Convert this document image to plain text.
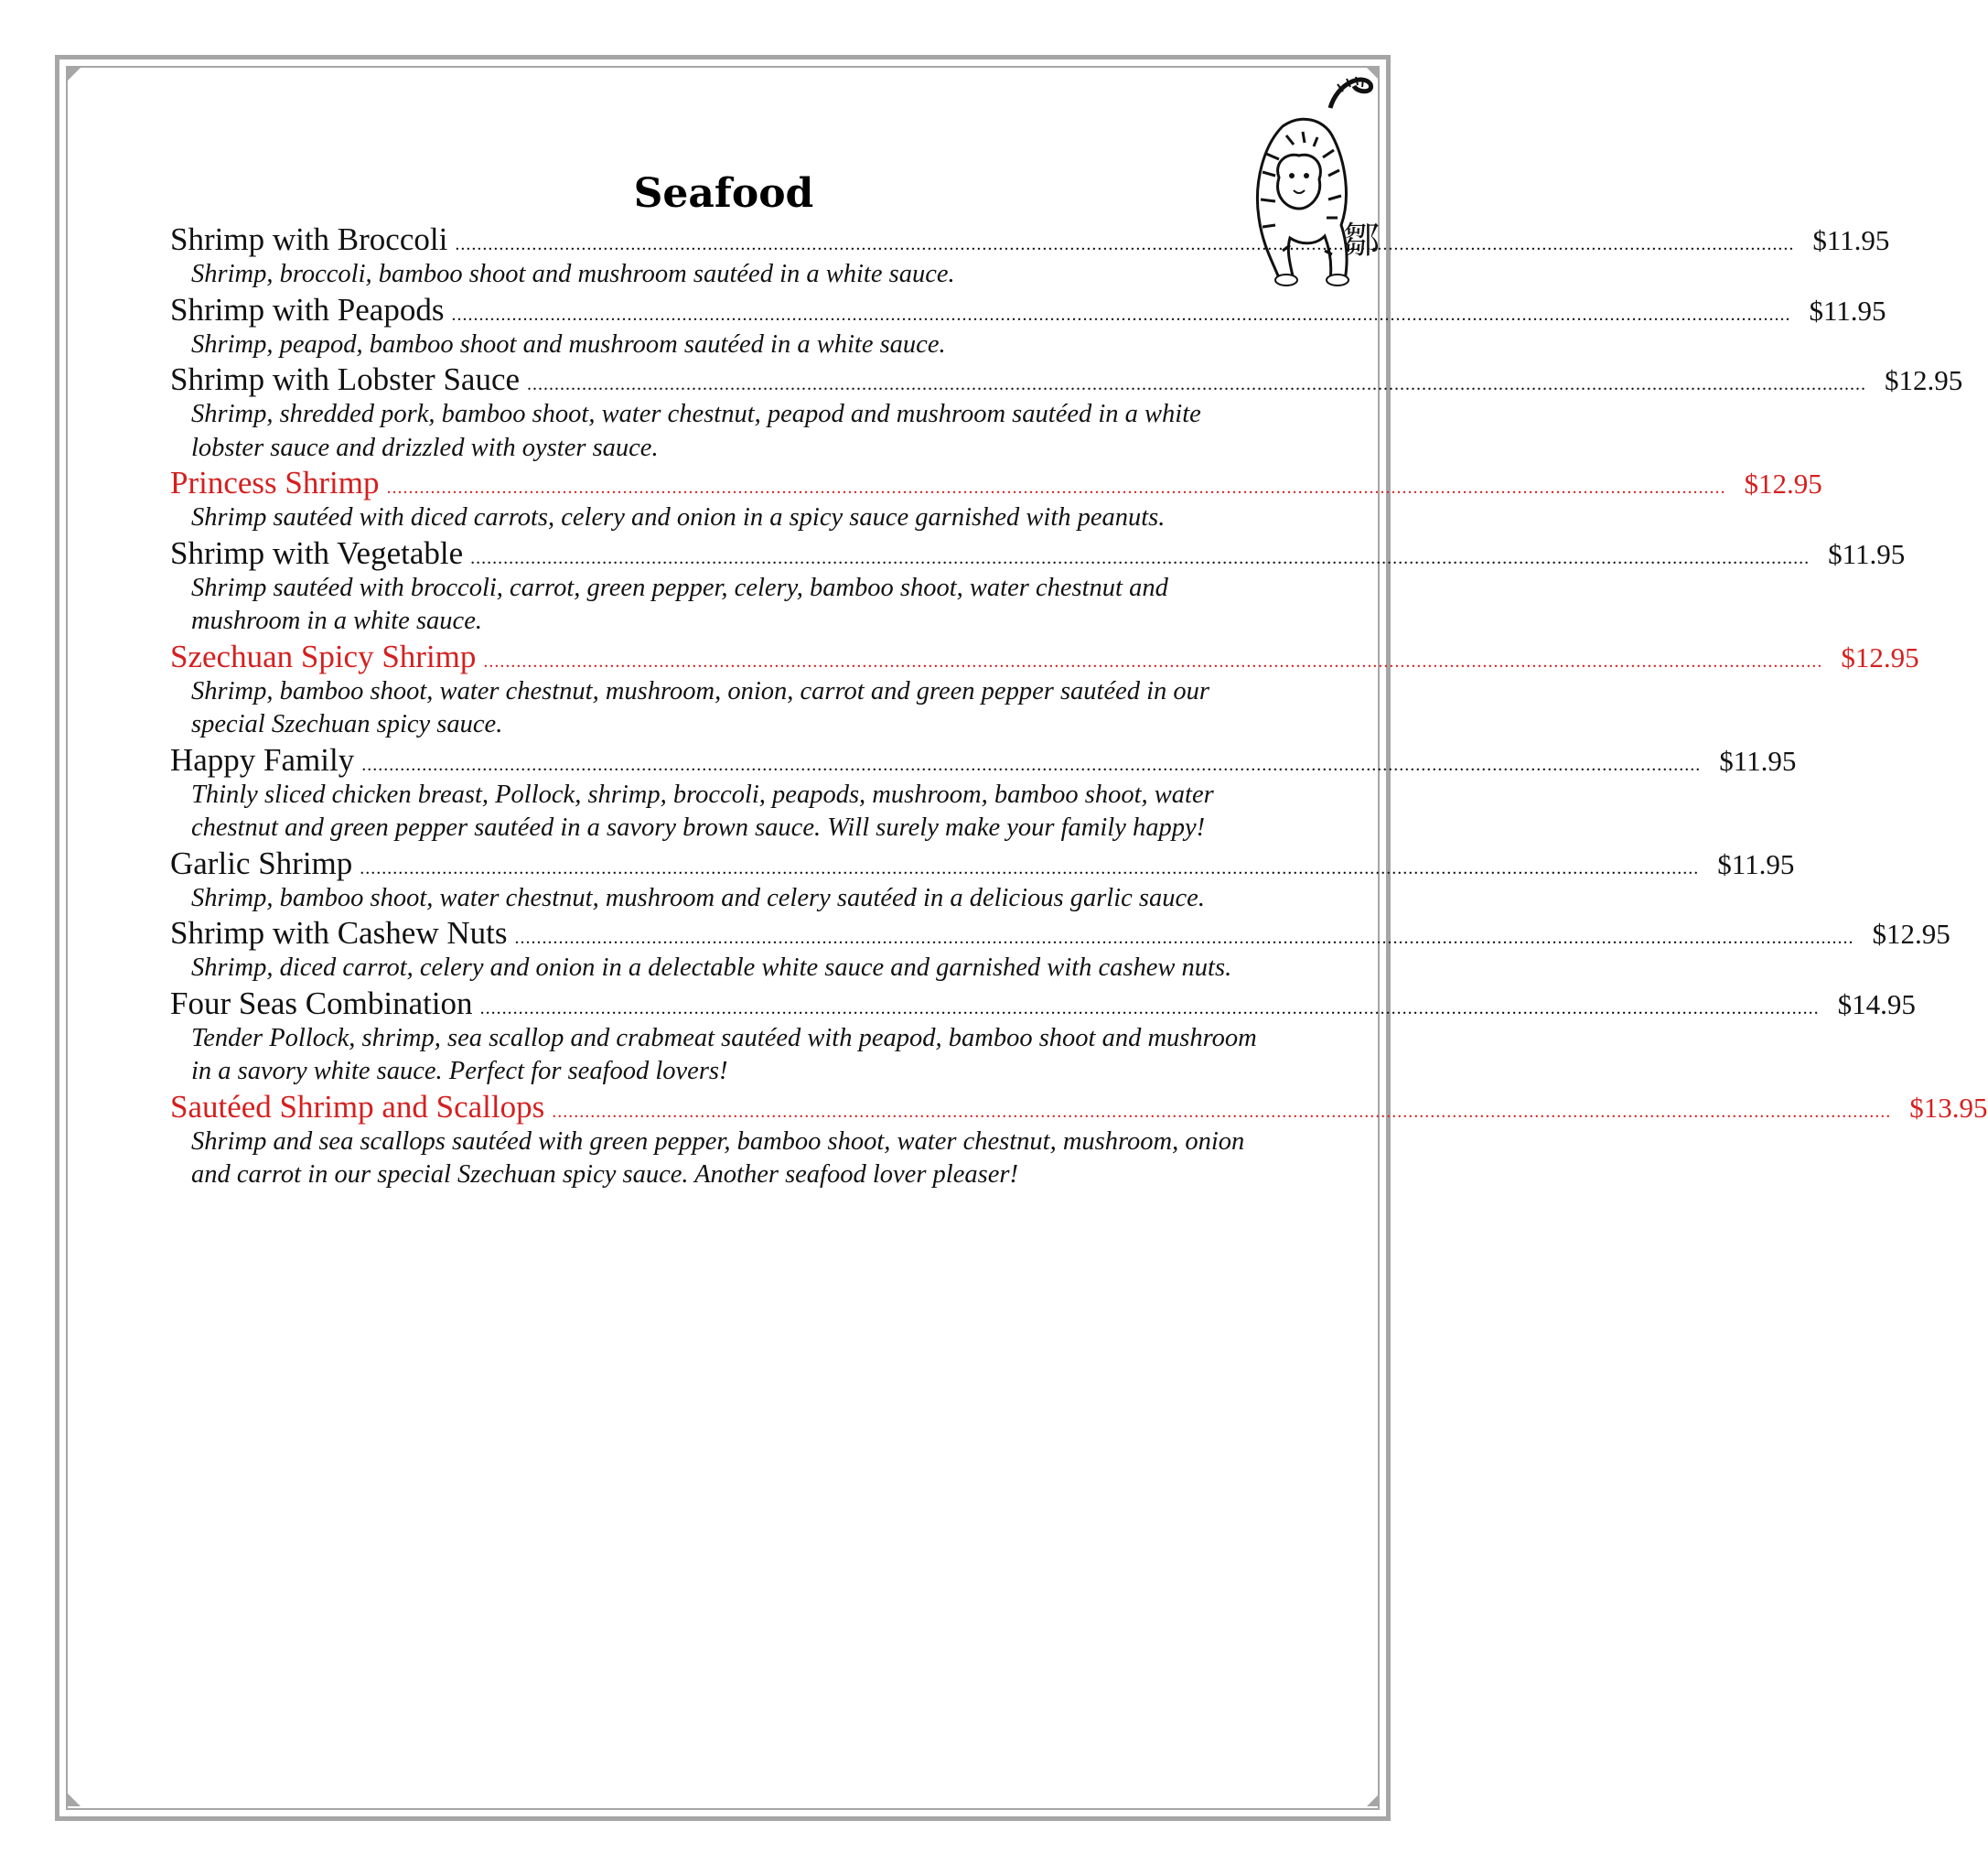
鄒
Seafood
Shrimp with Broccoli .....	$11.95
Shrimp, broccoli, bamboo shoot and mushroom sautéed in a white sauce.
Shrimp with Peapods .....	$11.95
Shrimp, peapod, bamboo shoot and mushroom sautéed in a white sauce.
Shrimp with Lobster Sauce .....	$12.95
Shrimp, shredded pork, bamboo shoot, water chestnut, peapod and mushroom sautéed in a white lobster sauce and drizzled with oyster sauce.
Princess Shrimp .....	$12.95
Shrimp sautéed with diced carrots, celery and onion in a spicy sauce garnished with peanuts.
Shrimp with Vegetable .....	$11.95
Shrimp sautéed with broccoli, carrot, green pepper, celery, bamboo shoot, water chestnut and mushroom in a white sauce.
Szechuan Spicy Shrimp .....	$12.95
Shrimp, bamboo shoot, water chestnut, mushroom, onion, carrot and green pepper sautéed in our special Szechuan spicy sauce.
Happy Family .....	$11.95
Thinly sliced chicken breast, Pollock, shrimp, broccoli, peapods, mushroom, bamboo shoot, water chestnut and green pepper sautéed in a savory brown sauce. Will surely make your family happy!
Garlic Shrimp .....	$11.95
Shrimp, bamboo shoot, water chestnut, mushroom and celery sautéed in a delicious garlic sauce.
Shrimp with Cashew Nuts .....	$12.95
Shrimp, diced carrot, celery and onion in a delectable white sauce and garnished with cashew nuts.
Four Seas Combination .....	$14.95
Tender Pollock, shrimp, sea scallop and crabmeat sautéed with peapod, bamboo shoot and mushroom in a savory white sauce. Perfect for seafood lovers!
Sautéed Shrimp and Scallops .....	$13.95
Shrimp and sea scallops sautéed with green pepper, bamboo shoot, water chestnut, mushroom, onion and carrot in our special Szechuan spicy sauce. Another seafood lover pleaser!
